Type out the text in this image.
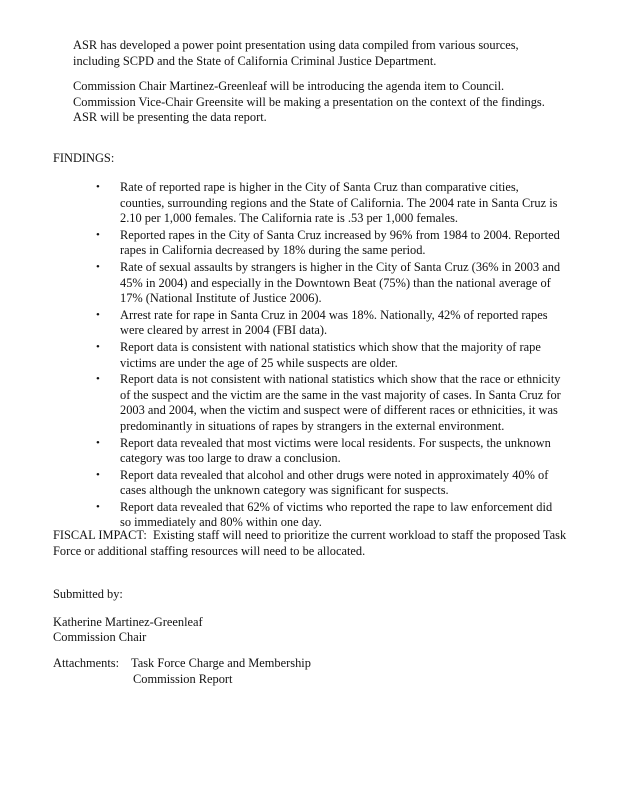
ASR has developed a power point presentation using data compiled from various sources, including SCPD and the State of California Criminal Justice Department.

Commission Chair Martinez-Greenleaf will be introducing the agenda item to Council. Commission Vice-Chair Greensite will be making a presentation on the context of the findings. ASR will be presenting the data report.

FINDINGS:

• Rate of reported rape is higher in the City of Santa Cruz than comparative cities, counties, surrounding regions and the State of California. The 2004 rate in Santa Cruz is 2.10 per 1,000 females. The California rate is .53 per 1,000 females.
• Reported rapes in the City of Santa Cruz increased by 96% from 1984 to 2004. Reported rapes in California decreased by 18% during the same period.
• Rate of sexual assaults by strangers is higher in the City of Santa Cruz (36% in 2003 and 45% in 2004) and especially in the Downtown Beat (75%) than the national average of 17% (National Institute of Justice 2006).
• Arrest rate for rape in Santa Cruz in 2004 was 18%. Nationally, 42% of reported rapes were cleared by arrest in 2004 (FBI data).
• Report data is consistent with national statistics which show that the majority of rape victims are under the age of 25 while suspects are older.
• Report data is not consistent with national statistics which show that the race or ethnicity of the suspect and the victim are the same in the vast majority of cases. In Santa Cruz for 2003 and 2004, when the victim and suspect were of different races or ethnicities, it was predominantly in situations of rapes by strangers in the external environment.
• Report data revealed that most victims were local residents. For suspects, the unknown category was too large to draw a conclusion.
• Report data revealed that alcohol and other drugs were noted in approximately 40% of cases although the unknown category was significant for suspects.
• Report data revealed that 62% of victims who reported the rape to law enforcement did so immediately and 80% within one day.

FISCAL IMPACT: Existing staff will need to prioritize the current workload to staff the proposed Task Force or additional staffing resources will need to be allocated.

Submitted by:

Katherine Martinez-Greenleaf

Commission Chair

Attachments: Task Force Charge and Membership
Commission Report
